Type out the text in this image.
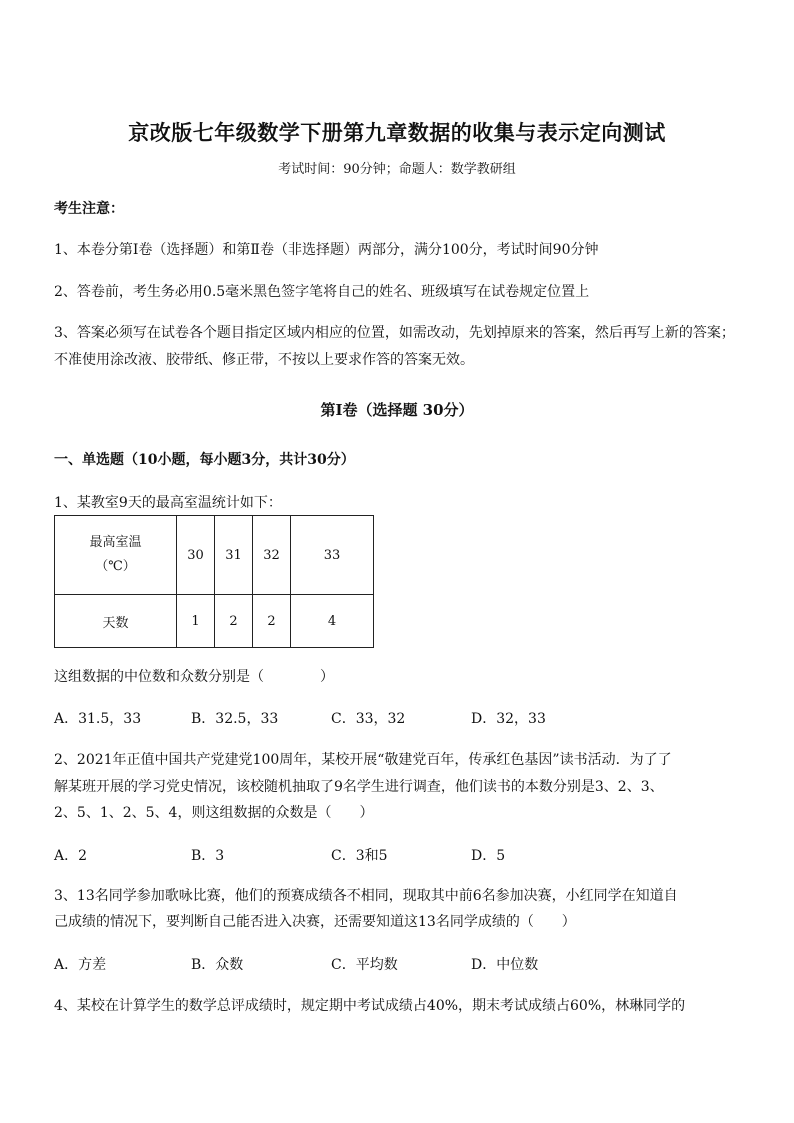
京改版七年级数学下册第九章数据的收集与表示定向测试
考试时间：90分钟；命题人：数学教研组
考生注意：
1、本卷分第Ⅰ卷（选择题）和第Ⅱ卷（非选择题）两部分，满分100分，考试时间90分钟
2、答卷前，考生务必用0.5毫米黑色签字笔将自己的姓名、班级填写在试卷规定位置上
3、答案必须写在试卷各个题目指定区域内相应的位置，如需改动，先划掉原来的答案，然后再写上新的答案；不准使用涂改液、胶带纸、修正带，不按以上要求作答的答案无效。
第Ⅰ卷（选择题 30分）
一、单选题（10小题，每小题3分，共计30分）
1、某教室9天的最高室温统计如下：
最高室温
（℃）	30	31	32	33
天数	1	2	2	4
这组数据的中位数和众数分别是（　　　　）
A．31.5，33	B．32.5，33	C．33，32	D．32，33
2、2021年正值中国共产党建党100周年，某校开展“敬建党百年，传承红色基因”读书活动．为了了
解某班开展的学习党史情况，该校随机抽取了9名学生进行调查，他们读书的本数分别是3、2、3、
2、5、1、2、5、4，则这组数据的众数是（　　）
A．2	B．3	C．3和5	D．5
3、13名同学参加歌咏比赛，他们的预赛成绩各不相同，现取其中前6名参加决赛，小红同学在知道自
己成绩的情况下，要判断自己能否进入决赛，还需要知道这13名同学成绩的（　　）
A．方差	B．众数	C．平均数	D．中位数
4、某校在计算学生的数学总评成绩时，规定期中考试成绩占40%，期末考试成绩占60%，林琳同学的
